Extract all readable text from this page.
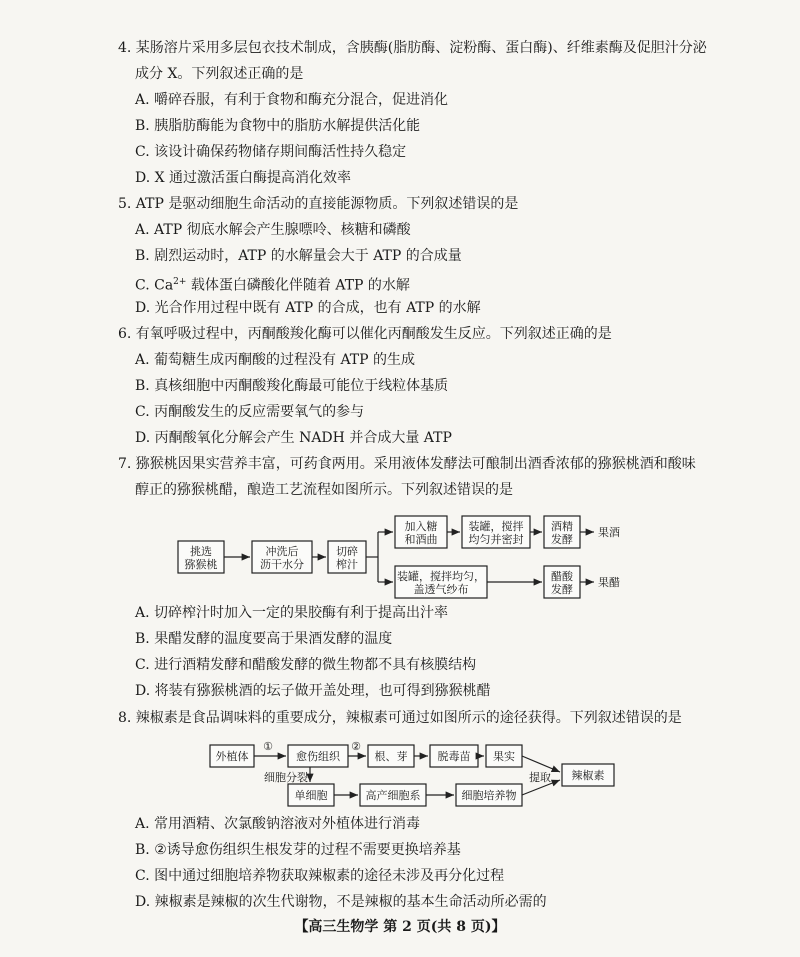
4. 某肠溶片采用多层包衣技术制成，含胰酶(脂肪酶、淀粉酶、蛋白酶)、纤维素酶及促胆汁分泌
成分 X。下列叙述正确的是
A. 嚼碎吞服，有利于食物和酶充分混合，促进消化
B. 胰脂肪酶能为食物中的脂肪水解提供活化能
C. 该设计确保药物储存期间酶活性持久稳定
D. X 通过激活蛋白酶提高消化效率
5. ATP 是驱动细胞生命活动的直接能源物质。下列叙述错误的是
A. ATP 彻底水解会产生腺嘌呤、核糖和磷酸
B. 剧烈运动时，ATP 的水解量会大于 ATP 的合成量
C. $Ca^{2+}$ 载体蛋白磷酸化伴随着 ATP 的水解
D. 光合作用过程中既有 ATP 的合成，也有 ATP 的水解
6. 有氧呼吸过程中，丙酮酸羧化酶可以催化丙酮酸发生反应。下列叙述正确的是
A. 葡萄糖生成丙酮酸的过程没有 ATP 的生成
B. 真核细胞中丙酮酸羧化酶最可能位于线粒体基质
C. 丙酮酸发生的反应需要氧气的参与
D. 丙酮酸氧化分解会产生 NADH 并合成大量 ATP
7. 猕猴桃因果实营养丰富，可药食两用。采用液体发酵法可酿制出酒香浓郁的猕猴桃酒和酸味
醇正的猕猴桃醋，酿造工艺流程如图所示。下列叙述错误的是
挑选
猕猴桃
冲洗后
沥干水分
切碎
榨汁
加入糖
和酒曲
装罐，搅拌
均匀并密封
酒精
发酵
果酒
装罐，搅拌均匀，
盖透气纱布
醋酸
发酵
果醋
外植体
①
愈伤组织
②
根、芽	脱毒苗 果实
辣椒素
提取
细胞分裂
单细胞	高产细胞系	细胞培养物
A. 切碎榨汁时加入一定的果胶酶有利于提高出汁率
B. 果醋发酵的温度要高于果酒发酵的温度
C. 进行酒精发酵和醋酸发酵的微生物都不具有核膜结构
D. 将装有猕猴桃酒的坛子做开盖处理，也可得到猕猴桃醋
8. 辣椒素是食品调味料的重要成分，辣椒素可通过如图所示的途径获得。下列叙述错误的是
A. 常用酒精、次氯酸钠溶液对外植体进行消毒
B. ②诱导愈伤组织生根发芽的过程不需要更换培养基
C. 图中通过细胞培养物获取辣椒素的途径未涉及再分化过程
D. 辣椒素是辣椒的次生代谢物，不是辣椒的基本生命活动所必需的
【高三生物学 第 2 页(共 8 页)】
